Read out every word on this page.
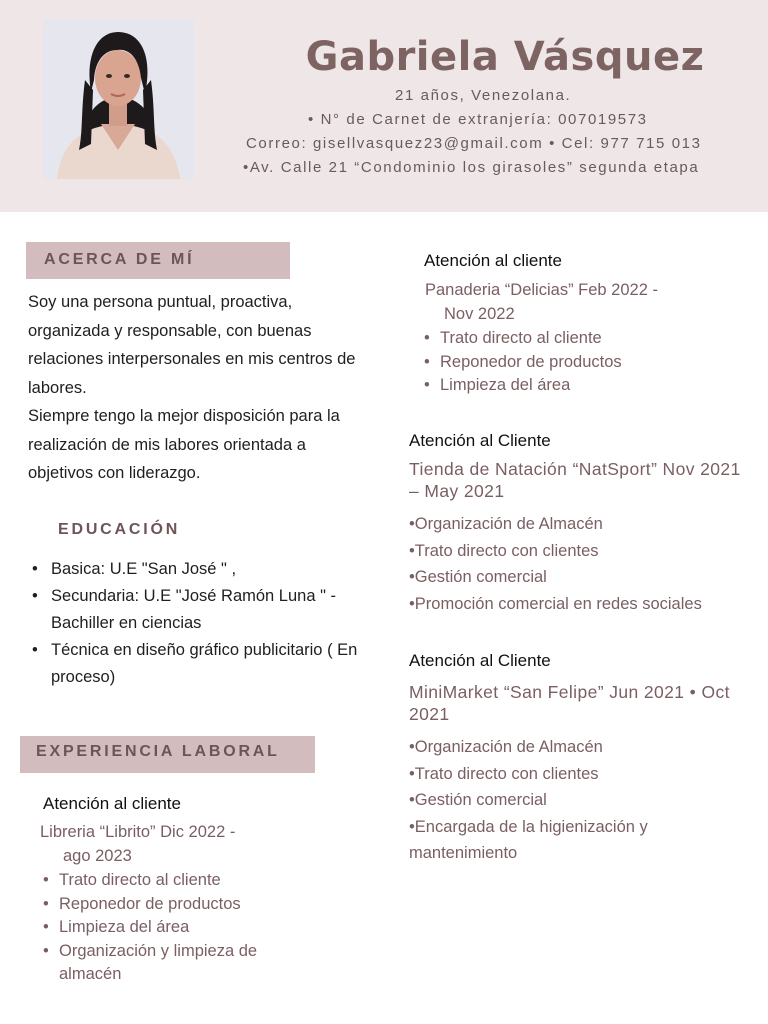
Gabriela Vásquez
21 años, Venezolana.
• N° de Carnet de extranjería: 007019573
Correo: gisellvasquez23@gmail.com • Cel: 977 715 013
•Av. Calle 21 “Condominio los girasoles” segunda etapa
ACERCA DE MÍ

Soy una persona puntual, proactiva, organizada y responsable, con buenas relaciones interpersonales en mis centros de labores.

Siempre tengo la mejor disposición para la realización de mis labores orientada a objetivos con liderazgo.

EDUCACIÓN
• Basica: U.E "San José " ,
• Secundaria: U.E "José Ramón Luna " - Bachiller en ciencias
• Técnica en diseño gráfico publicitario ( En proceso)
EXPERIENCIA LABORAL
Atención al cliente
Libreria “Librito” Dic 2022 -
ago 2023
• Trato directo al cliente
• Reponedor de productos
• Limpieza del área
• Organización y limpieza de almacén
Atención al cliente
Panaderia “Delicias” Feb 2022 -
Nov 2022
• Trato directo al cliente
• Reponedor de productos
• Limpieza del área
Atención al Cliente
Tienda de Natación “NatSport” Nov 2021 – May 2021
•Organización de Almacén
•Trato directo con clientes
•Gestión comercial
•Promoción comercial en redes sociales
Atención al Cliente
MiniMarket “San Felipe” Jun 2021 • Oct 2021
•Organización de Almacén
•Trato directo con clientes
•Gestión comercial
•Encargada de la higienización y mantenimiento
